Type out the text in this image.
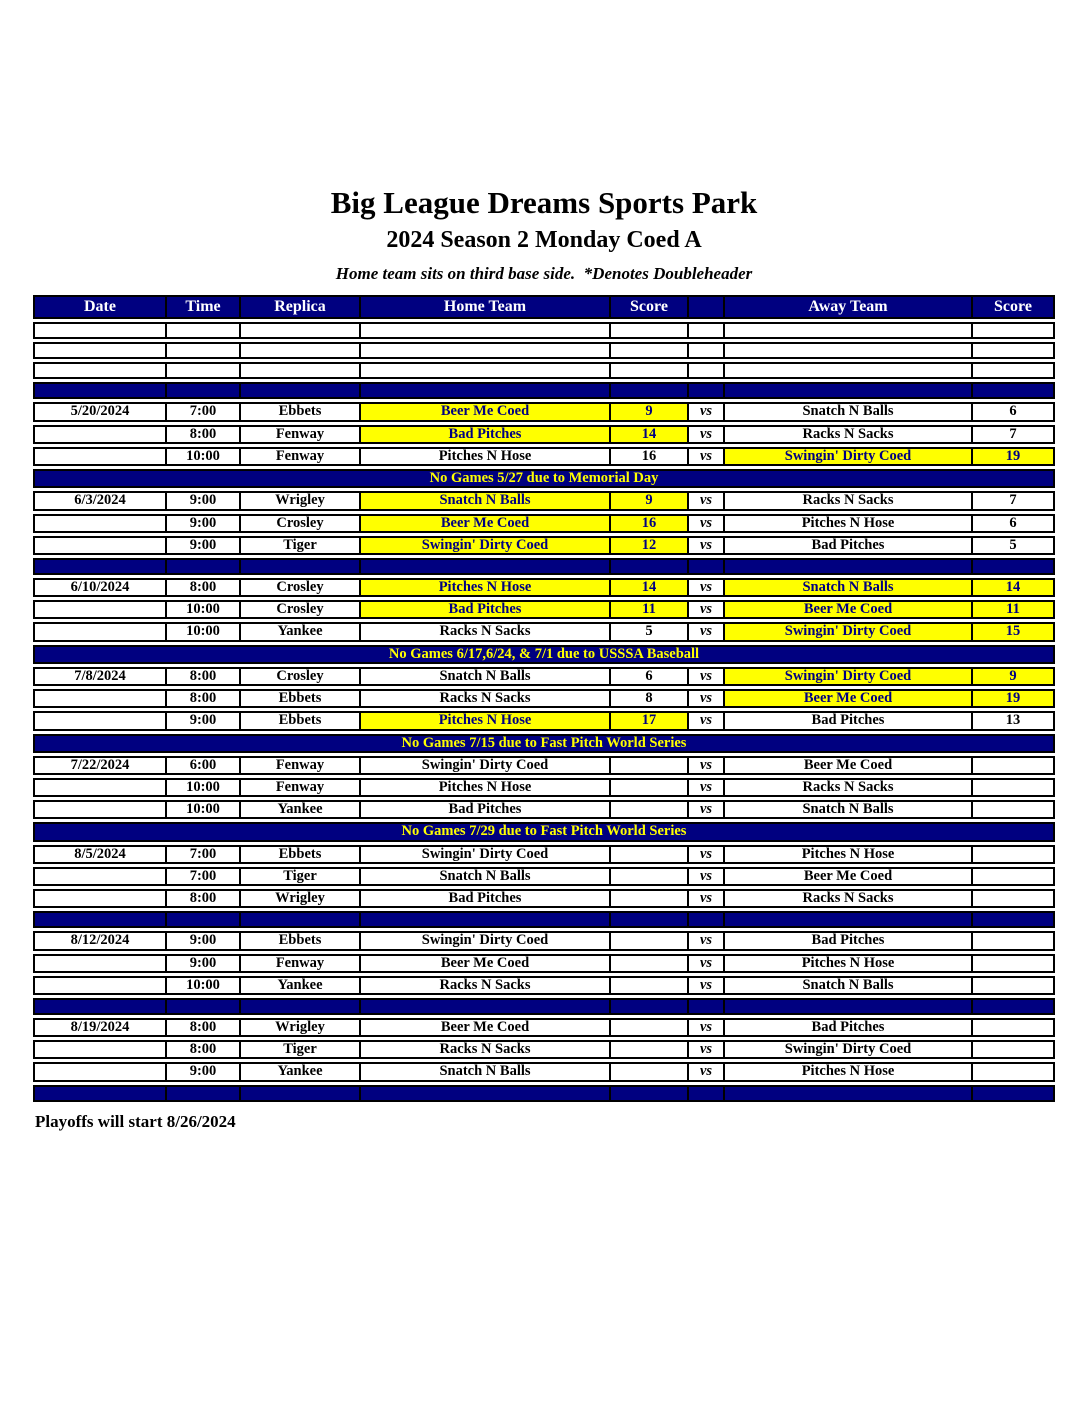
Big League Dreams Sports Park
2024 Season 2 Monday Coed A
Home team sits on third base side.  *Denotes Doubleheader
Date	Time	Replica	Home Team	Score		Away Team	Score

5/20/2024	7:00	Ebbets	Beer Me Coed	9	vs	Snatch N Balls	6
	8:00	Fenway	Bad Pitches	14	vs	Racks N Sacks	7
	10:00	Fenway	Pitches N Hose	16	vs	Swingin' Dirty Coed	19
No Games 5/27 due to Memorial Day							
6/3/2024	9:00	Wrigley	Snatch N Balls	9	vs	Racks N Sacks	7
	9:00	Crosley	Beer Me Coed	16	vs	Pitches N Hose	6
	9:00	Tiger	Swingin' Dirty Coed	12	vs	Bad Pitches	5

6/10/2024	8:00	Crosley	Pitches N Hose	14	vs	Snatch N Balls	14
	10:00	Crosley	Bad Pitches	11	vs	Beer Me Coed	11
	10:00	Yankee	Racks N Sacks	5	vs	Swingin' Dirty Coed	15
No Games 6/17,6/24, & 7/1 due to USSSA Baseball							
7/8/2024	8:00	Crosley	Snatch N Balls	6	vs	Swingin' Dirty Coed	9
	8:00	Ebbets	Racks N Sacks	8	vs	Beer Me Coed	19
	9:00	Ebbets	Pitches N Hose	17	vs	Bad Pitches	13
No Games 7/15 due to Fast Pitch World Series							
7/22/2024	6:00	Fenway	Swingin' Dirty Coed		vs	Beer Me Coed	
	10:00	Fenway	Pitches N Hose		vs	Racks N Sacks	
	10:00	Yankee	Bad Pitches		vs	Snatch N Balls	
No Games 7/29 due to Fast Pitch World Series							
8/5/2024	7:00	Ebbets	Swingin' Dirty Coed		vs	Pitches N Hose	
	7:00	Tiger	Snatch N Balls		vs	Beer Me Coed	
	8:00	Wrigley	Bad Pitches		vs	Racks N Sacks	

8/12/2024	9:00	Ebbets	Swingin' Dirty Coed		vs	Bad Pitches	
	9:00	Fenway	Beer Me Coed		vs	Pitches N Hose	
	10:00	Yankee	Racks N Sacks		vs	Snatch N Balls	

8/19/2024	8:00	Wrigley	Beer Me Coed		vs	Bad Pitches	
	8:00	Tiger	Racks N Sacks		vs	Swingin' Dirty Coed	
	9:00	Yankee	Snatch N Balls		vs	Pitches N Hose	

Playoffs will start 8/26/2024
